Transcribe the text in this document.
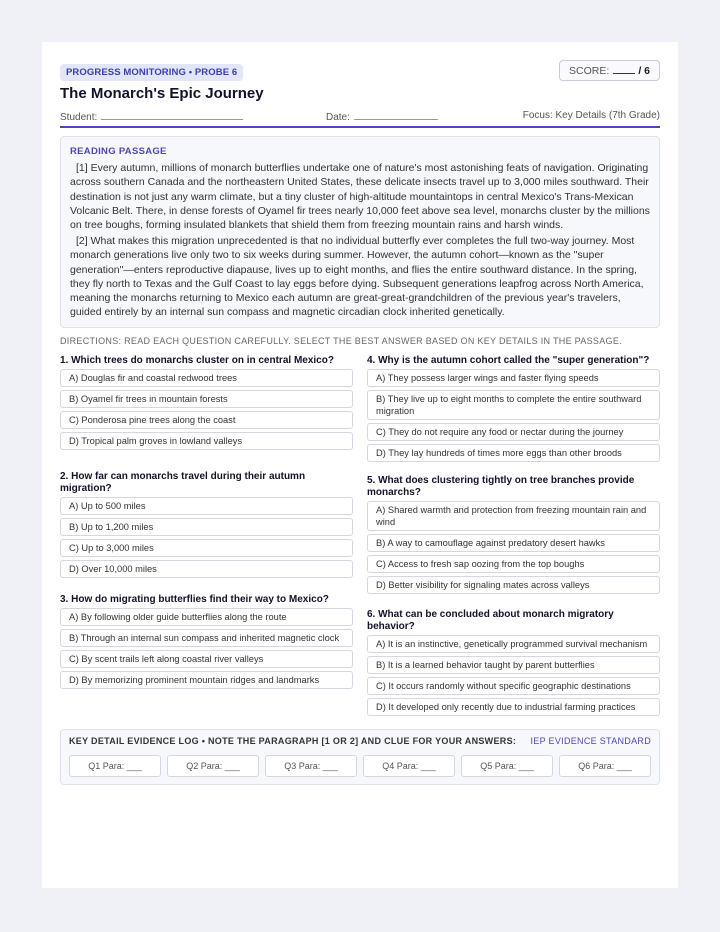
PROGRESS MONITORING • PROBE 6	SCORE:	/ 6
The Monarch's Epic Journey
Student:	Date:	Focus: Key Details (7th Grade)
READING PASSAGE

[1] Every autumn, millions of monarch butterflies undertake one of nature's most astonishing feats of navigation. Originating across southern Canada and the northeastern United States, these delicate insects travel up to 3,000 miles southward. Their destination is not just any warm climate, but a tiny cluster of high-altitude mountaintops in central Mexico's Trans-Mexican Volcanic Belt. There, in dense forests of Oyamel fir trees nearly 10,000 feet above sea level, monarchs cluster by the millions on tree boughs, forming insulated blankets that shield them from freezing mountain rains and harsh winds.

[2] What makes this migration unprecedented is that no individual butterfly ever completes the full two-way journey. Most monarch generations live only two to six weeks during summer. However, the autumn cohort—known as the "super generation"—enters reproductive diapause, lives up to eight months, and flies the entire southward distance. In the spring, they fly north to Texas and the Gulf Coast to lay eggs before dying. Subsequent generations leapfrog across North America, meaning the monarchs returning to Mexico each autumn are great-great-grandchildren of the previous year's travelers, guided entirely by an internal sun compass and magnetic circadian clock inherited genetically.

DIRECTIONS: READ EACH QUESTION CAREFULLY. SELECT THE BEST ANSWER BASED ON KEY DETAILS IN THE PASSAGE.
1. Which trees do monarchs cluster on in central Mexico?
A) Douglas fir and coastal redwood trees
B) Oyamel fir trees in mountain forests
C) Ponderosa pine trees along the coast
D) Tropical palm groves in lowland valleys
2. How far can monarchs travel during their autumn migration?
A) Up to 500 miles
B) Up to 1,200 miles
C) Up to 3,000 miles
D) Over 10,000 miles
3. How do migrating butterflies find their way to Mexico?
A) By following older guide butterflies along the route
B) Through an internal sun compass and inherited magnetic clock
C) By scent trails left along coastal river valleys
D) By memorizing prominent mountain ridges and landmarks
4. Why is the autumn cohort called the "super generation"?
A) They possess larger wings and faster flying speeds
B) They live up to eight months to complete the entire southward migration
C) They do not require any food or nectar during the journey
D) They lay hundreds of times more eggs than other broods
5. What does clustering tightly on tree branches provide monarchs?
A) Shared warmth and protection from freezing mountain rain and wind
B) A way to camouflage against predatory desert hawks
C) Access to fresh sap oozing from the top boughs
D) Better visibility for signaling mates across valleys
6. What can be concluded about monarch migratory behavior?
A) It is an instinctive, genetically programmed survival mechanism
B) It is a learned behavior taught by parent butterflies
C) It occurs randomly without specific geographic destinations
D) It developed only recently due to industrial farming practices
KEY DETAIL EVIDENCE LOG • NOTE THE PARAGRAPH [1 OR 2] AND CLUE FOR YOUR ANSWERS: IEP EVIDENCE STANDARD
Q1 Para: ___	Q2 Para: ___	Q3 Para: ___	Q4 Para: ___	Q5 Para: ___	Q6 Para: ___
